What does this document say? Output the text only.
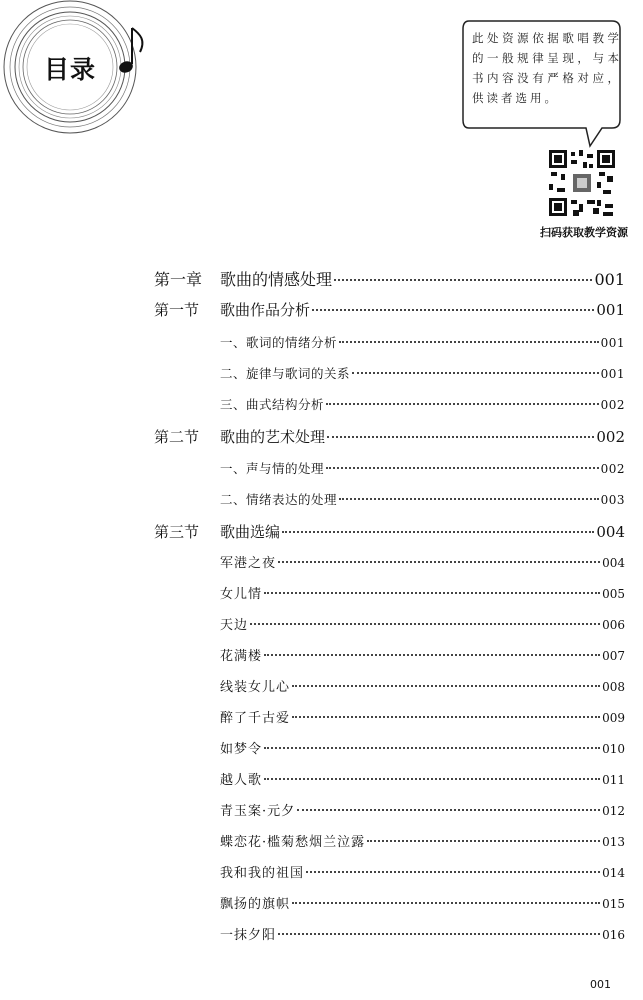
目录
此处资源依据歌唱教学的一般规律呈现，与本书内容没有严格对应，供读者选用。
扫码获取教学资源
第一章 歌曲的情感处理	001
第一节 歌曲作品分析	001
一、歌词的情绪分析	001
二、旋律与歌词的关系	001
三、曲式结构分析	002
第二节 歌曲的艺术处理	002
一、声与情的处理	002
二、情绪表达的处理	003
第三节 歌曲选编	004
军港之夜	004
女儿情	005
天边	006
花满楼	007
线装女儿心	008
醉了千古爱	009
如梦令	010
越人歌	011
青玉案·元夕	012
蝶恋花·槛菊愁烟兰泣露	013
我和我的祖国	014
飘扬的旗帜	015
一抹夕阳	016
001
